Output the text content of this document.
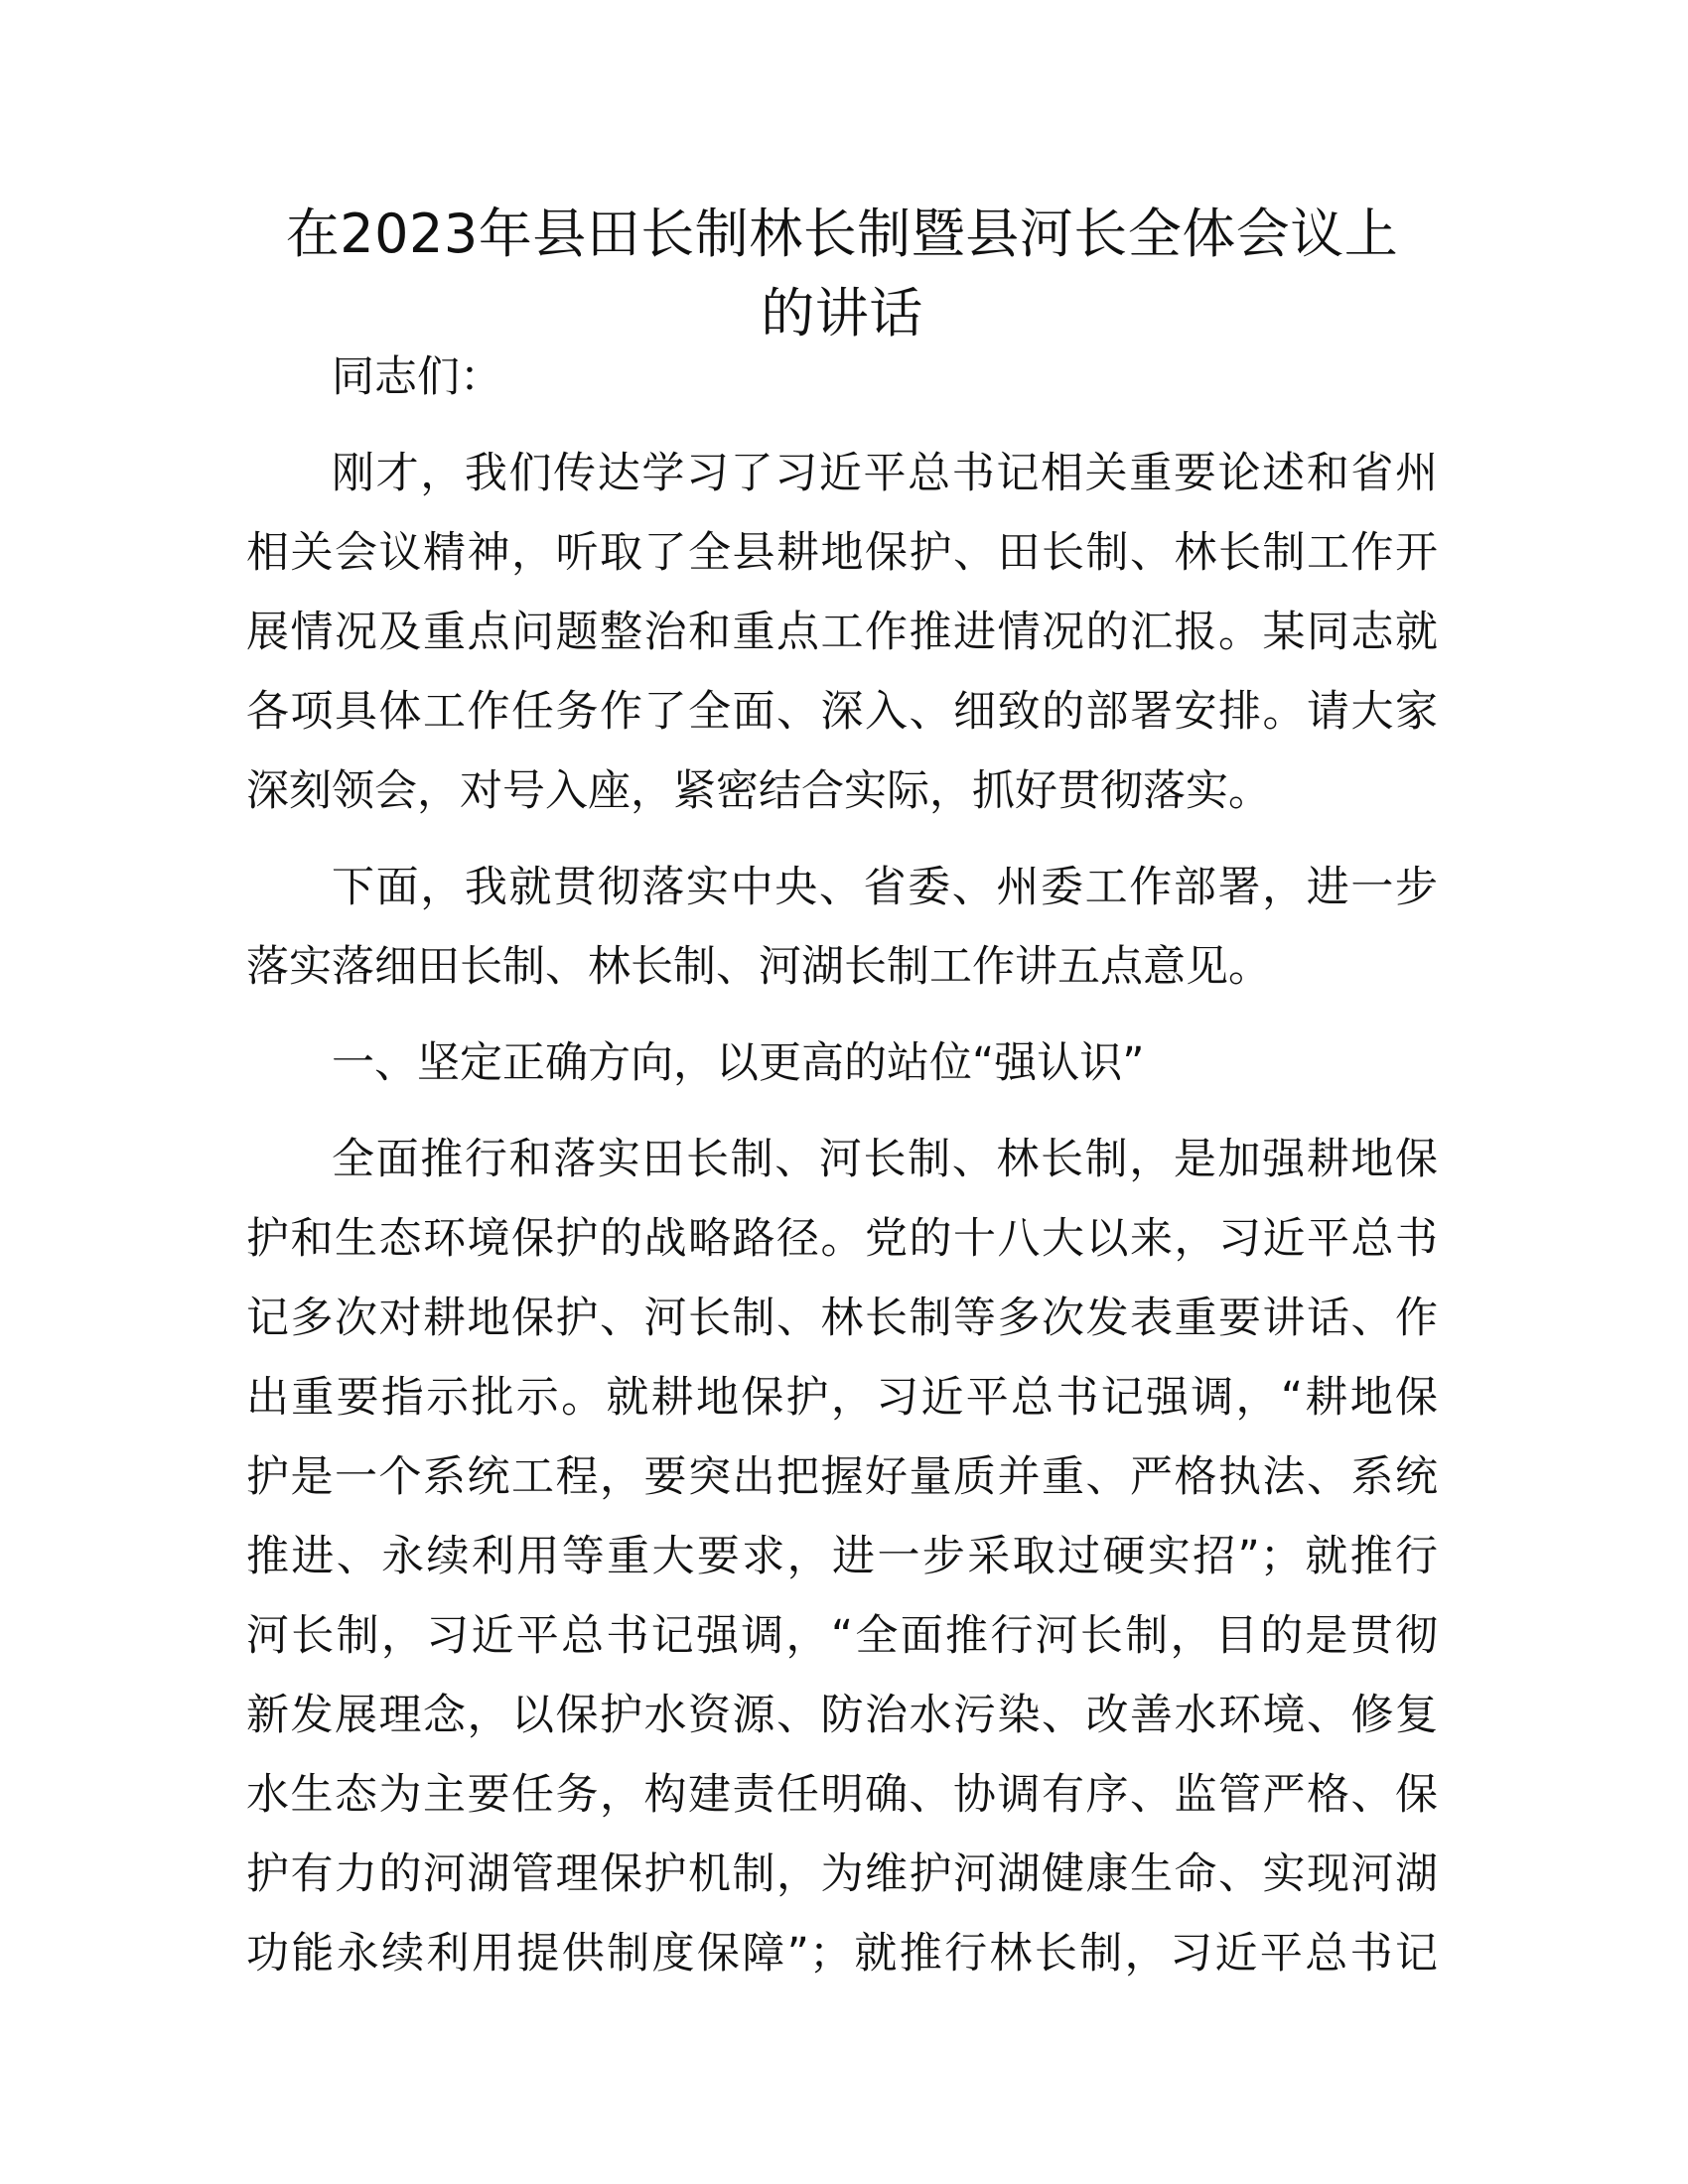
在2023年县田长制林长制暨县河长全体会议上
的讲话

同志们：

刚才，我们传达学习了习近平总书记相关重要论述和省州
相关会议精神，听取了全县耕地保护、田长制、林长制工作开
展情况及重点问题整治和重点工作推进情况的汇报。某同志就
各项具体工作任务作了全面、深入、细致的部署安排。请大家
深刻领会，对号入座，紧密结合实际，抓好贯彻落实。

下面，我就贯彻落实中央、省委、州委工作部署，进一步
落实落细田长制、林长制、河湖长制工作讲五点意见。

一、坚定正确方向，以更高的站位“强认识”

全面推行和落实田长制、河长制、林长制，是加强耕地保
护和生态环境保护的战略路径。党的十八大以来，习近平总书
记多次对耕地保护、河长制、林长制等多次发表重要讲话、作
出重要指示批示。就耕地保护，习近平总书记强调，“耕地保
护是一个系统工程，要突出把握好量质并重、严格执法、系统
推进、永续利用等重大要求，进一步采取过硬实招”；就推行
河长制，习近平总书记强调，“全面推行河长制，目的是贯彻
新发展理念，以保护水资源、防治水污染、改善水环境、修复
水生态为主要任务，构建责任明确、协调有序、监管严格、保
护有力的河湖管理保护机制，为维护河湖健康生命、实现河湖
功能永续利用提供制度保障”；就推行林长制，习近平总书记
